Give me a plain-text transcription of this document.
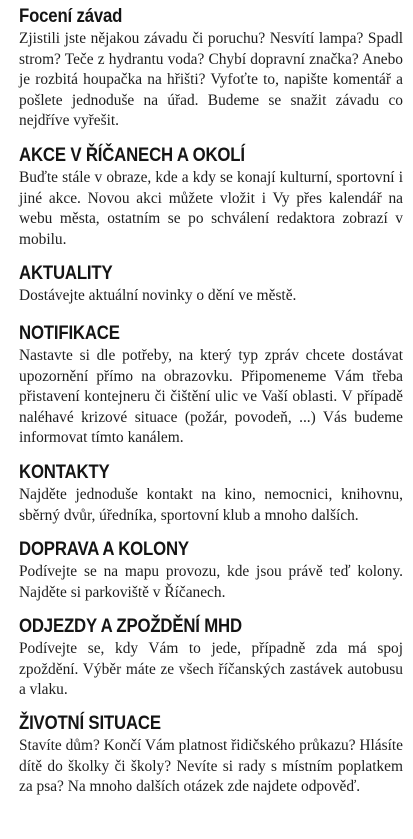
Focení závad

Zjistili jste nějakou závadu či poruchu? Nesvítí lampa? Spadl strom? Teče z hydrantu voda? Chybí dopravní značka? Anebo je rozbitá houpačka na hřišti? Vyfoťte to, napište komentář a pošlete jednoduše na úřad. Budeme se snažit závadu co nejdříve vyřešit.

AKCE V ŘÍČANECH A OKOLÍ

Buďte stále v obraze, kde a kdy se konají kulturní, sportovní i jiné akce. Novou akci můžete vložit i Vy přes kalendář na webu města, ostatním se po schválení redaktora zobrazí v mobilu.

AKTUALITY

Dostávejte aktuální novinky o dění ve městě.

NOTIFIKACE

Nastavte si dle potřeby, na který typ zpráv chcete dostávat upozornění přímo na obrazovku. Připomeneme Vám třeba přistavení kontejneru či čištění ulic ve Vaší oblasti. V případě naléhavé krizové situace (požár, povodeň, ...) Vás budeme informovat tímto kanálem.

KONTAKTY

Najděte jednoduše kontakt na kino, nemocnici, knihovnu, sběrný dvůr, úředníka, sportovní klub a mnoho dalších.

DOPRAVA A KOLONY

Podívejte se na mapu provozu, kde jsou právě teď kolony. Najděte si parkoviště v Říčanech.

ODJEZDY A ZPOŽDĚNÍ MHD

Podívejte se, kdy Vám to jede, případně zda má spoj zpoždění. Výběr máte ze všech říčanských zastávek autobusu a vlaku.

ŽIVOTNÍ SITUACE

Stavíte dům? Končí Vám platnost řidičského průkazu? Hlásíte dítě do školky či školy? Nevíte si rady s místním poplatkem za psa? Na mnoho dalších otázek zde najdete odpověď.
